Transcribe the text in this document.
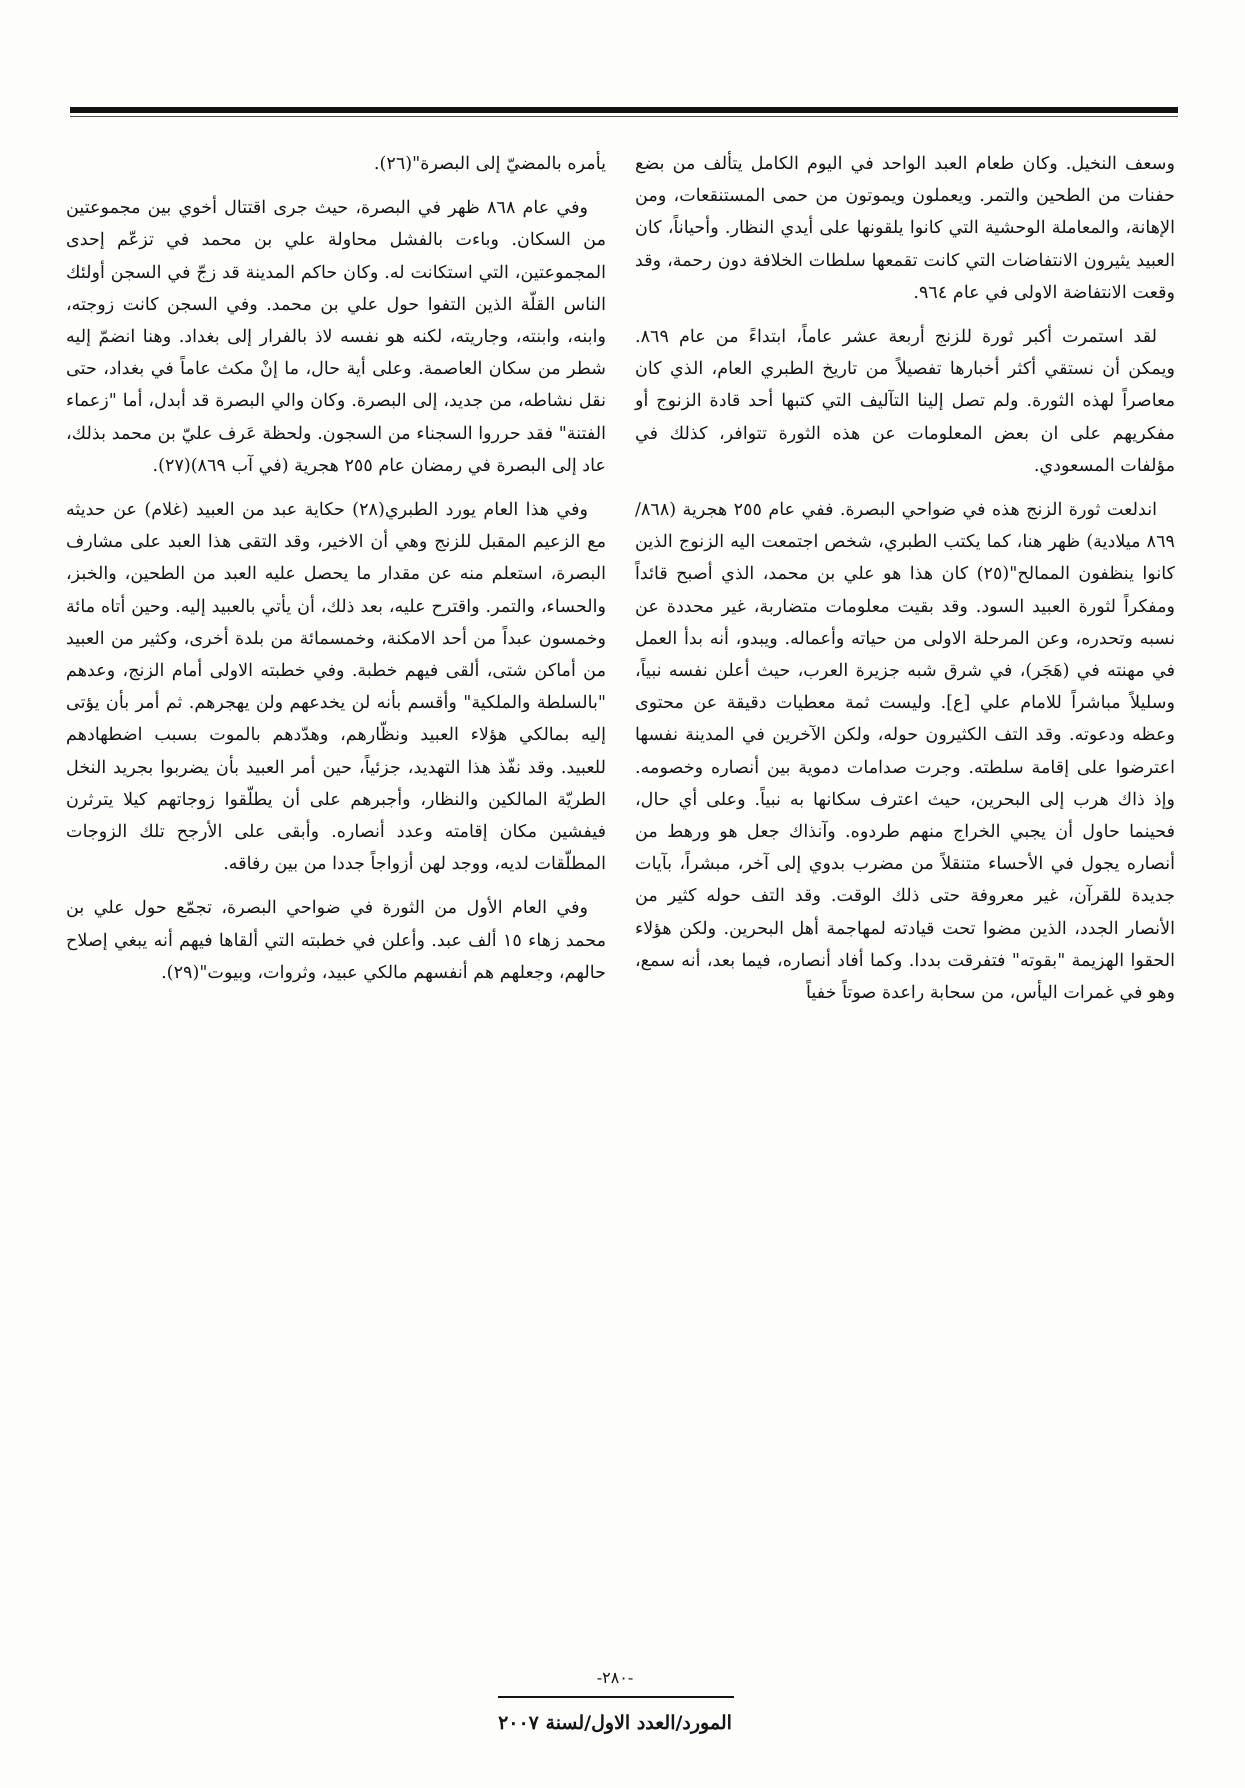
وسعف النخيل. وكان طعام العبد الواحد في اليوم الكامل يتألف من بضع حفنات من الطحين والتمر. ويعملون ويموتون من حمى المستنقعات، ومن الإهانة، والمعاملة الوحشية التي كانوا يلقونها على أيدي النظار. وأحياناً، كان العبيد يثيرون الانتفاضات التي كانت تقمعها سلطات الخلافة دون رحمة، وقد وقعت الانتفاضة الاولى في عام ٩٦٤.

لقد استمرت أكبر ثورة للزنج أربعة عشر عاماً، ابتداءً من عام ٨٦٩. ويمكن أن نستقي أكثر أخبارها تفصيلاً من تاريخ الطبري العام، الذي كان معاصراً لهذه الثورة. ولم تصل إلينا التآليف التي كتبها أحد قادة الزنوج أو مفكريهم على ان بعض المعلومات عن هذه الثورة تتوافر، كذلك في مؤلفات المسعودي.

اندلعت ثورة الزنج هذه في ضواحي البصرة. ففي عام ٢٥٥ هجرية (٨٦٨/ ٨٦٩ ميلادية) ظهر هنا، كما يكتب الطبري، شخص اجتمعت اليه الزنوج الذين كانوا ينظفون الممالح"(٢٥) كان هذا هو علي بن محمد، الذي أصبح قائداً ومفكراً لثورة العبيد السود. وقد بقيت معلومات متضاربة، غير محددة عن نسبه وتحدره، وعن المرحلة الاولى من حياته وأعماله. ويبدو، أنه بدأ العمل في مهنته في (هَجَر)، في شرق شبه جزيرة العرب، حيث أعلن نفسه نبياً، وسليلاً مباشراً للامام علي [ع]. وليست ثمة معطيات دقيقة عن محتوى وعظه ودعوته. وقد التف الكثيرون حوله، ولكن الآخرين في المدينة نفسها اعترضوا على إقامة سلطته. وجرت صدامات دموية بين أنصاره وخصومه. وإذ ذاك هرب إلى البحرين، حيث اعترف سكانها به نبياً. وعلى أي حال، فحينما حاول أن يجبي الخراج منهم طردوه. وآنذاك جعل هو ورهط من أنصاره يجول في الأحساء متنقلاً من مضرب بدوي إلى آخر، مبشراً، بآيات جديدة للقرآن، غير معروفة حتى ذلك الوقت. وقد التف حوله كثير من الأنصار الجدد، الذين مضوا تحت قيادته لمهاجمة أهل البحرين. ولكن هؤلاء الحقوا الهزيمة "بقوته" فتفرقت بددا. وكما أفاد أنصاره، فيما بعد، أنه سمع، وهو في غمرات اليأس، من سحابة راعدة صوتاً خفياً

يأمره بالمضيّ إلى البصرة"(٢٦).

وفي عام ٨٦٨ ظهر في البصرة، حيث جرى اقتتال أخوي بين مجموعتين من السكان. وباءت بالفشل محاولة علي بن محمد في تزعّم إحدى المجموعتين، التي استكانت له. وكان حاكم المدينة قد زجّ في السجن أولئك الناس القلّة الذين التفوا حول علي بن محمد. وفي السجن كانت زوجته، وابنه، وابنته، وجاريته، لكنه هو نفسه لاذ بالفرار إلى بغداد. وهنا انضمّ إليه شطر من سكان العاصمة. وعلى أية حال، ما إنْ مكث عاماً في بغداد، حتى نقل نشاطه، من جديد، إلى البصرة. وكان والي البصرة قد أبدل، أما "زعماء الفتنة" فقد حرروا السجناء من السجون. ولحظة عَرف عليّ بن محمد بذلك، عاد إلى البصرة في رمضان عام ٢٥٥ هجرية (في آب ٨٦٩)(٢٧).

وفي هذا العام يورد الطبري(٢٨) حكاية عبد من العبيد (غلام) عن حديثه مع الزعيم المقبل للزنج وهي أن الاخير، وقد التقى هذا العبد على مشارف البصرة، استعلم منه عن مقدار ما يحصل عليه العبد من الطحين، والخبز، والحساء، والتمر. واقترح عليه، بعد ذلك، أن يأتي بالعبيد إليه. وحين أتاه مائة وخمسون عبداً من أحد الامكنة، وخمسمائة من بلدة أخرى، وكثير من العبيد من أماكن شتى، ألقى فيهم خطبة. وفي خطبته الاولى أمام الزنج، وعدهم "بالسلطة والملكية" وأقسم بأنه لن يخدعهم ولن يهجرهم. ثم أمر بأن يؤتى إليه بمالكي هؤلاء العبيد ونظّارهم، وهدّدهم بالموت بسبب اضطهادهم للعبيد. وقد نفّذ هذا التهديد، جزئياً، حين أمر العبيد بأن يضربوا بجريد النخل الطريّة المالكين والنظار، وأجبرهم على أن يطلّقوا زوجاتهم كيلا يترثرن فيفشين مكان إقامته وعدد أنصاره. وأبقى على الأرجح تلك الزوجات المطلّقات لديه، ووجد لهن أزواجاً جددا من بين رفاقه.

وفي العام الأول من الثورة في ضواحي البصرة، تجمّع حول علي بن محمد زهاء ١٥ ألف عبد. وأعلن في خطبته التي ألقاها فيهم أنه يبغي إصلاح حالهم، وجعلهم هم أنفسهم مالكي عبيد، وثروات، وبيوت"(٢٩).

-٢٨٠-
المورد/العدد الاول/لسنة ٢٠٠٧
